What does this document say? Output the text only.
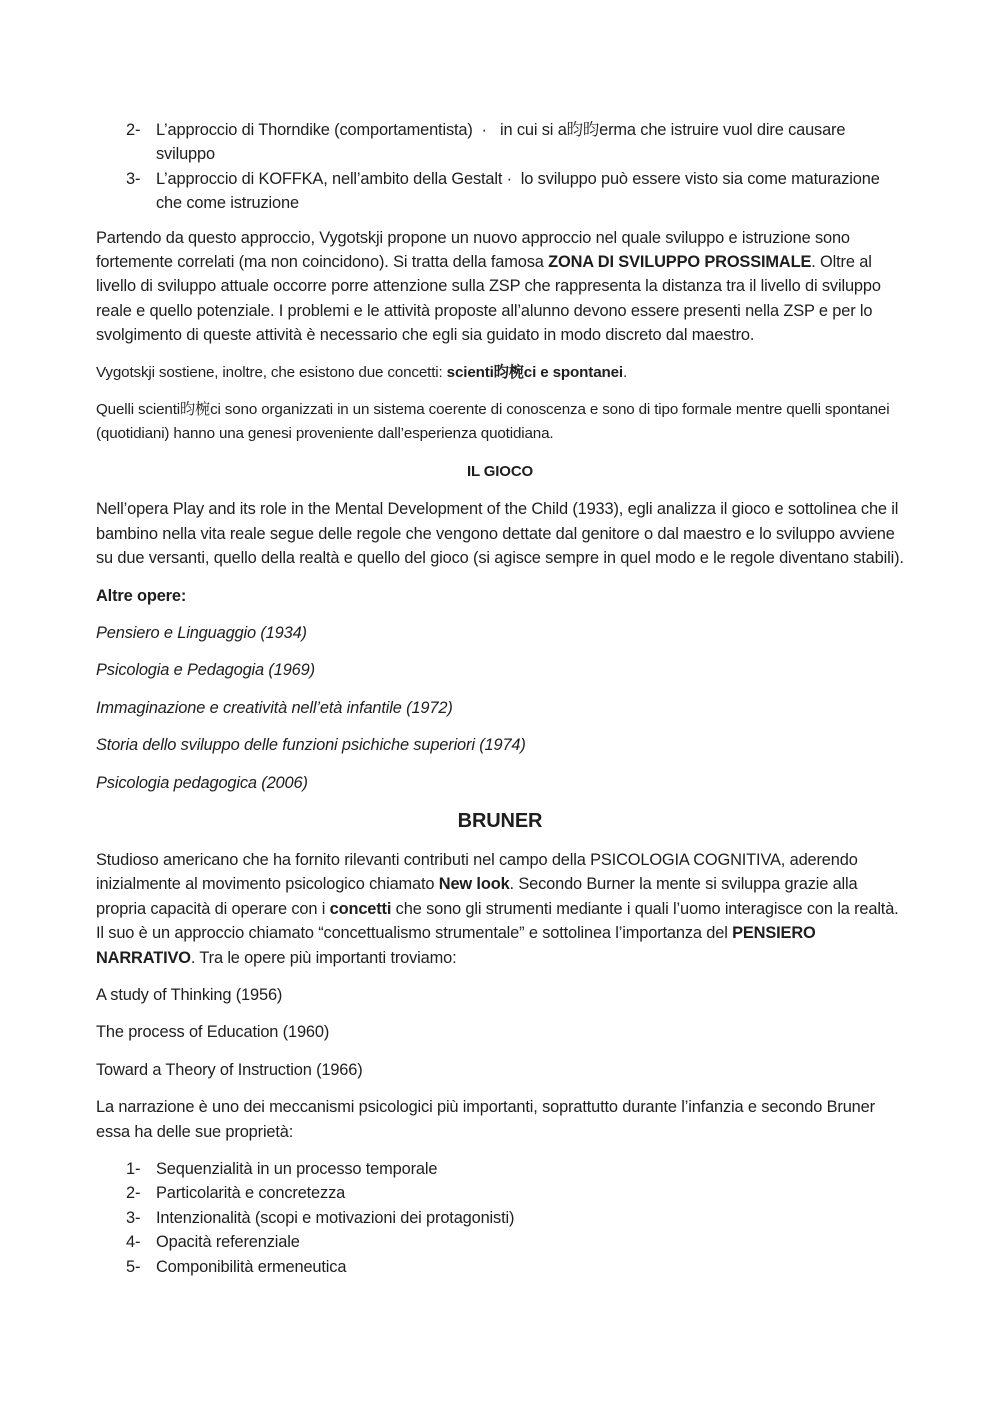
2- L’approccio di Thorndike (comportamentista)  ·   in cui si a昀昀erma che istruire vuol dire causare sviluppo
3- L’approccio di KOFFKA, nell’ambito della Gestalt ·  lo sviluppo può essere visto sia come maturazione che come istruzione

Partendo da questo approccio, Vygotskji propone un nuovo approccio nel quale sviluppo e istruzione sono fortemente correlati (ma non coincidono). Si tratta della famosa ZONA DI SVILUPPO PROSSIMALE. Oltre al livello di sviluppo attuale occorre porre attenzione sulla ZSP che rappresenta la distanza tra il livello di sviluppo reale e quello potenziale. I problemi e le attività proposte all’alunno devono essere presenti nella ZSP e per lo svolgimento di queste attività è necessario che egli sia guidato in modo discreto dal maestro.

Vygotskji sostiene, inoltre, che esistono due concetti: scienti昀椀ci e spontanei.

Quelli scienti昀椀ci sono organizzati in un sistema coerente di conoscenza e sono di tipo formale mentre quelli spontanei (quotidiani) hanno una genesi proveniente dall’esperienza quotidiana.

IL GIOCO

Nell’opera Play and its role in the Mental Development of the Child (1933), egli analizza il gioco e sottolinea che il bambino nella vita reale segue delle regole che vengono dettate dal genitore o dal maestro e lo sviluppo avviene su due versanti, quello della realtà e quello del gioco (si agisce sempre in quel modo e le regole diventano stabili).

Altre opere:

Pensiero e Linguaggio (1934)

Psicologia e Pedagogia (1969)

Immaginazione e creatività nell’età infantile (1972)

Storia dello sviluppo delle funzioni psichiche superiori (1974)

Psicologia pedagogica (2006)

BRUNER

Studioso americano che ha fornito rilevanti contributi nel campo della PSICOLOGIA COGNITIVA, aderendo inizialmente al movimento psicologico chiamato New look. Secondo Burner la mente si sviluppa grazie alla propria capacità di operare con i concetti che sono gli strumenti mediante i quali l’uomo interagisce con la realtà. Il suo è un approccio chiamato “concettualismo strumentale” e sottolinea l’importanza del PENSIERO NARRATIVO. Tra le opere più importanti troviamo:

A study of Thinking (1956)

The process of Education (1960)

Toward a Theory of Instruction (1966)

La narrazione è uno dei meccanismi psicologici più importanti, soprattutto durante l’infanzia e secondo Bruner essa ha delle sue proprietà:

1- Sequenzialità in un processo temporale
2- Particolarità e concretezza
3- Intenzionalità (scopi e motivazioni dei protagonisti)
4- Opacità referenziale
5- Componibilità ermeneutica
